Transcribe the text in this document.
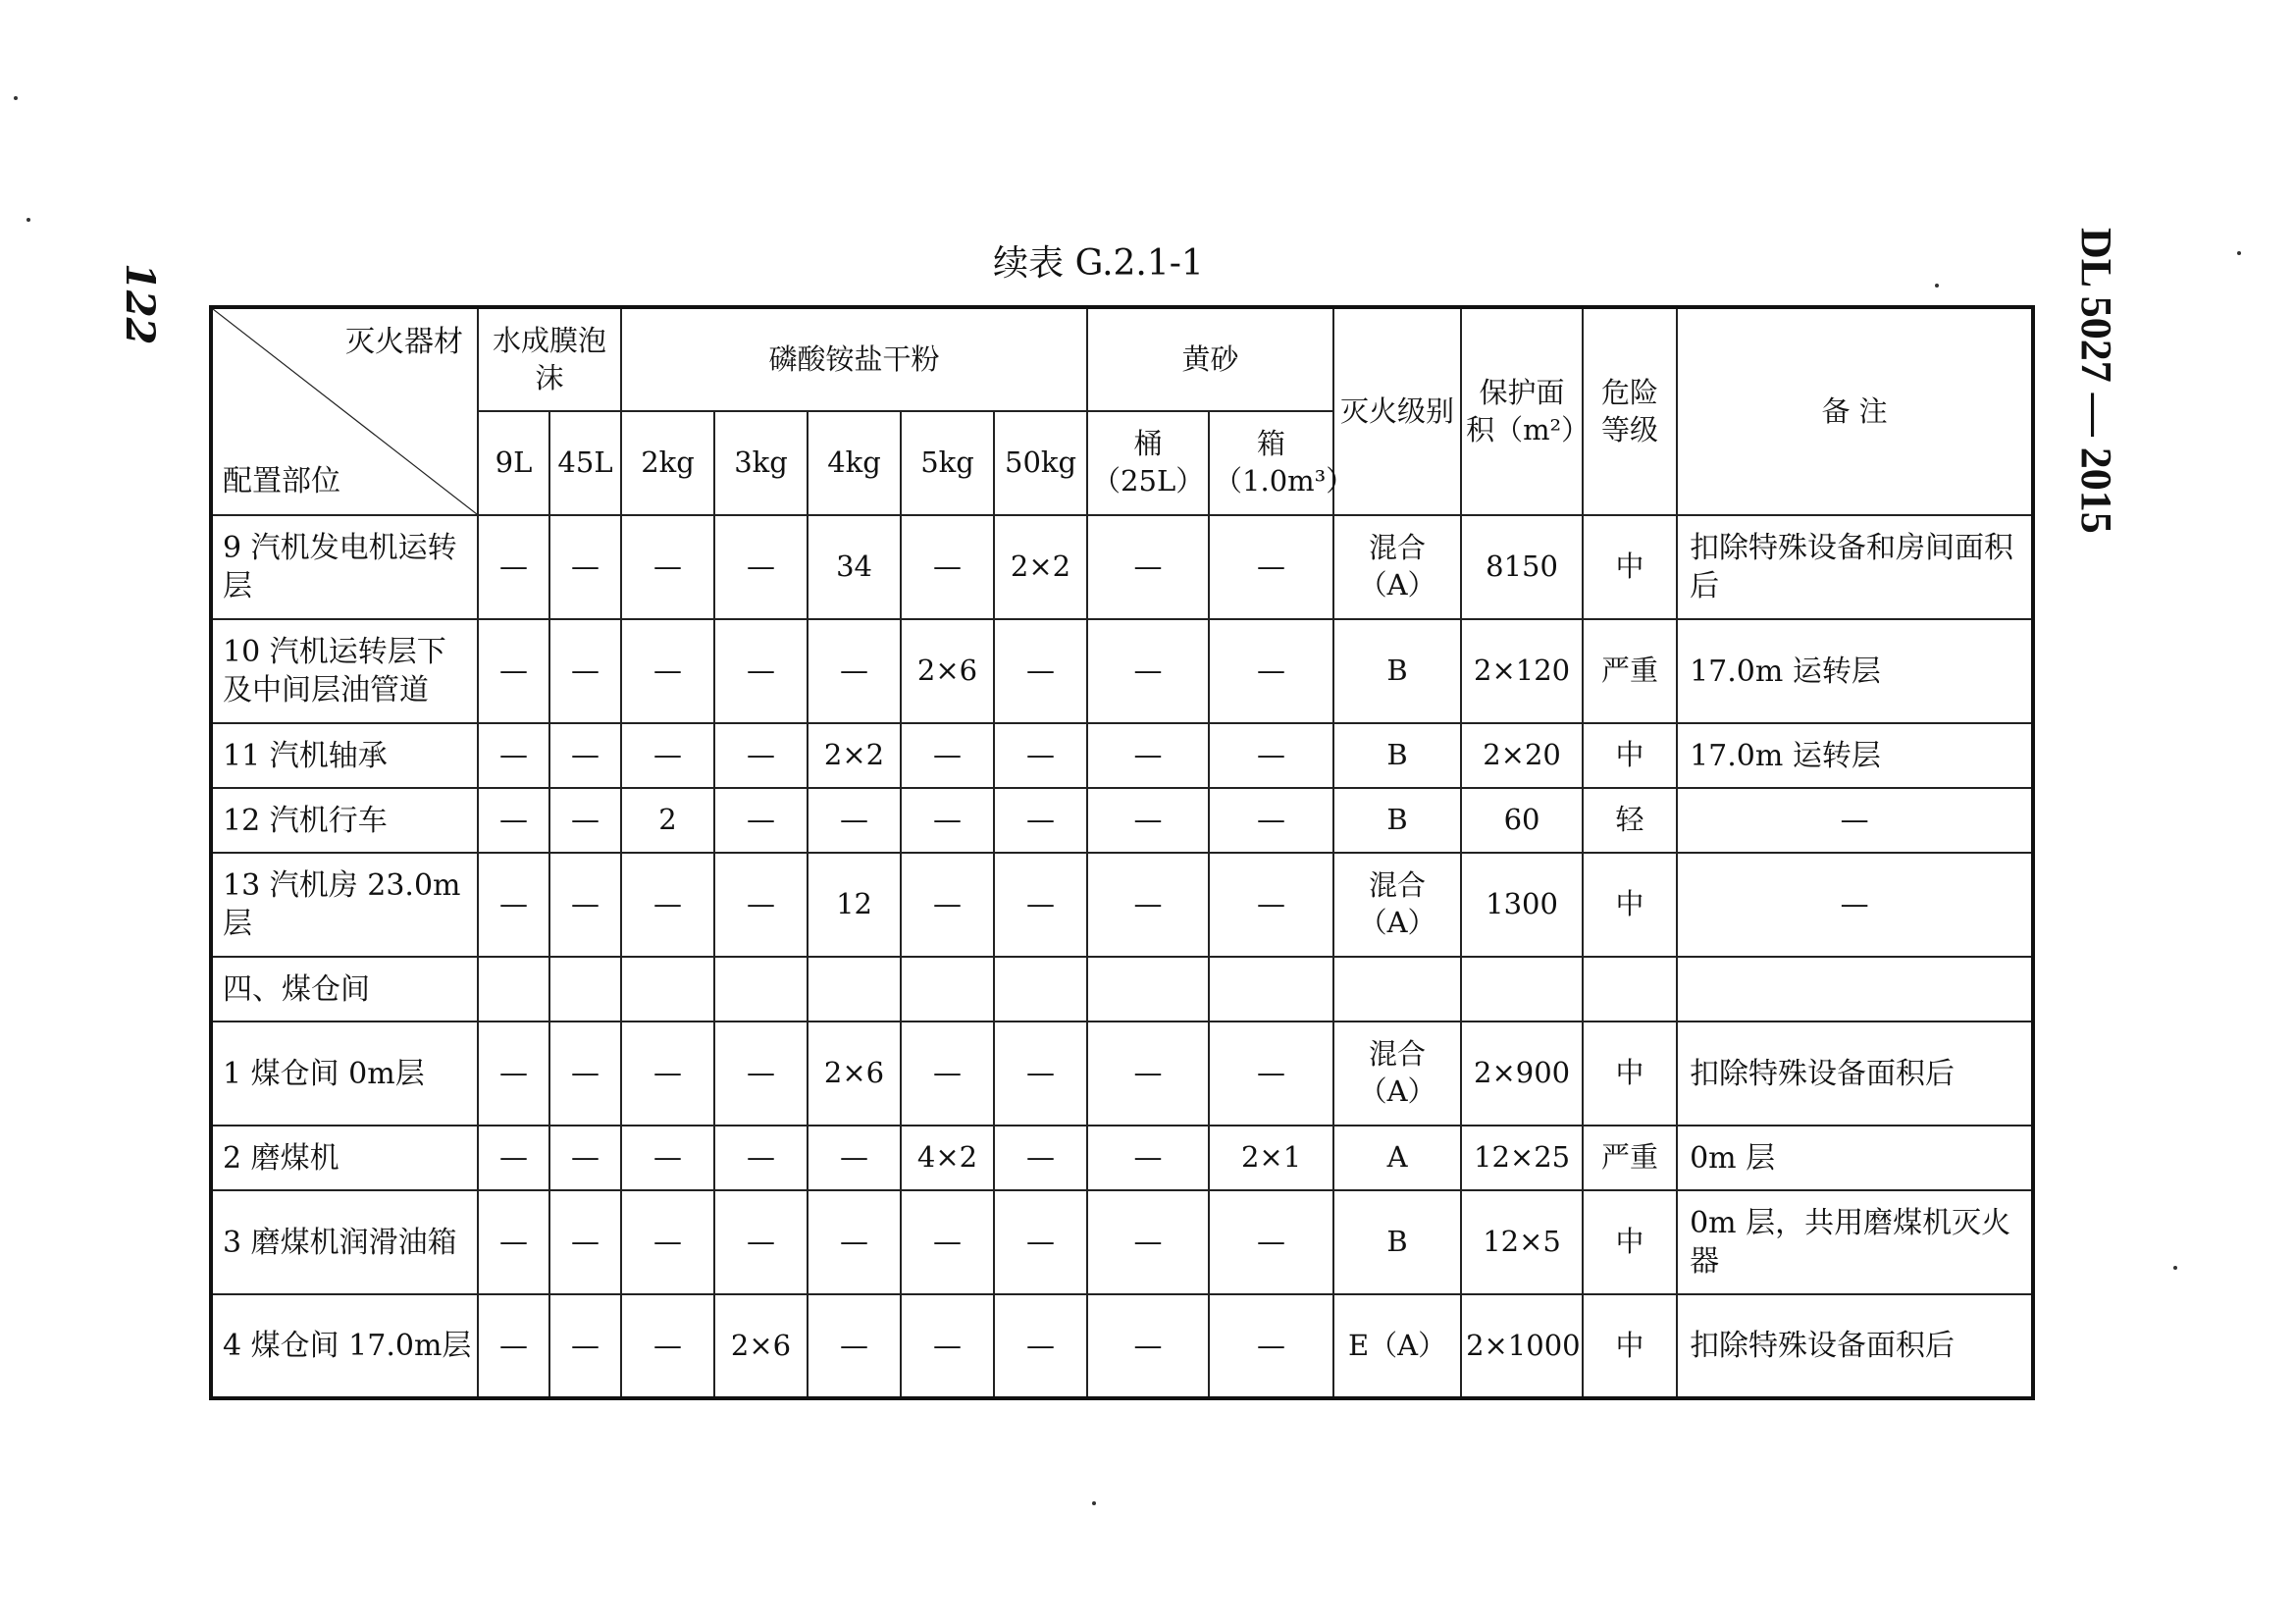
122	DL 5027 — 2015
续表 G.2.1-1
灭火器材
配置部位	水成膜泡沫		磷酸铵盐干粉					黄砂		灭火级别	保护面积（m²）	危险等级	备 注
	9L	45L	2kg	3kg	4kg	5kg	50kg	桶（25L）	箱（1.0m³）				
9 汽机发电机运转层	—	—	—	—	34	—	2×2	—	—	混合（A）	8150	中	扣除特殊设备和房间面积后
10 汽机运转层下及中间层油管道	—	—	—	—	—	2×6	—	—	—	B	2×120	严重	17.0m 运转层
11 汽机轴承	—	—	—	—	2×2	—	—	—	—	B	2×20	中	17.0m 运转层
12 汽机行车	—	—	2	—	—	—	—	—	—	B	60	轻	—
13 汽机房 23.0m层	—	—	—	—	12	—	—	—	—	混合（A）	1300	中	—
四、煤仓间													
1 煤仓间 0m层	—	—	—	—	2×6	—	—	—	—	混合（A）	2×900	中	扣除特殊设备面积后
2 磨煤机	—	—	—	—	—	4×2	—	—	2×1	A	12×25	严重	0m 层
3 磨煤机润滑油箱	—	—	—	—	—	—	—	—	—	B	12×5	中	0m 层，共用磨煤机灭火器
4 煤仓间 17.0m层	—	—	—	2×6	—	—	—	—	—	E（A）	2×1000	中	扣除特殊设备面积后
